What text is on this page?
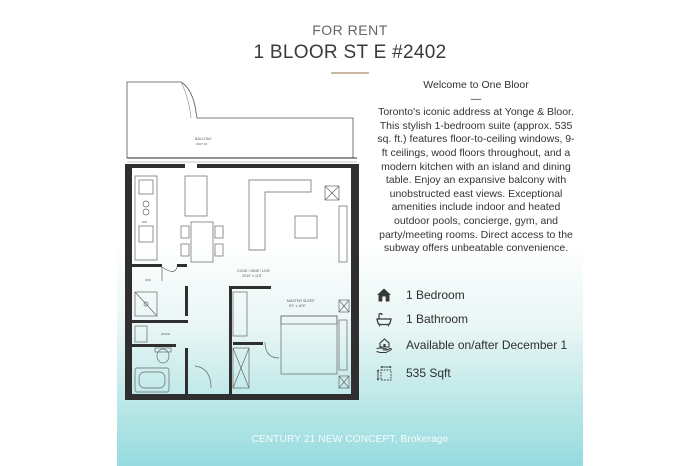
FOR RENT
1 BLOOR ST E #2402
BALCONY
UNIT 02
DW
COOK / DINE / LIVE
20'10" x 11'6"
W/D
WASH
MASTER SLEEP
9'1" x 10'5"
Welcome to One Bloor
—
Toronto's iconic address at Yonge & Bloor. This stylish 1-bedroom suite (approx. 535 sq. ft.) features floor-to-ceiling windows, 9-ft ceilings, wood floors throughout, and a modern kitchen with an island and dining table. Enjoy an expansive balcony with unobstructed east views. Exceptional amenities include indoor and heated outdoor pools, concierge, gym, and party/meeting rooms. Direct access to the subway offers unbeatable convenience.
1 Bedroom
1 Bathroom
Available on/after December 1
535 Sqft
CENTURY 21 NEW CONCEPT, Brokerage
